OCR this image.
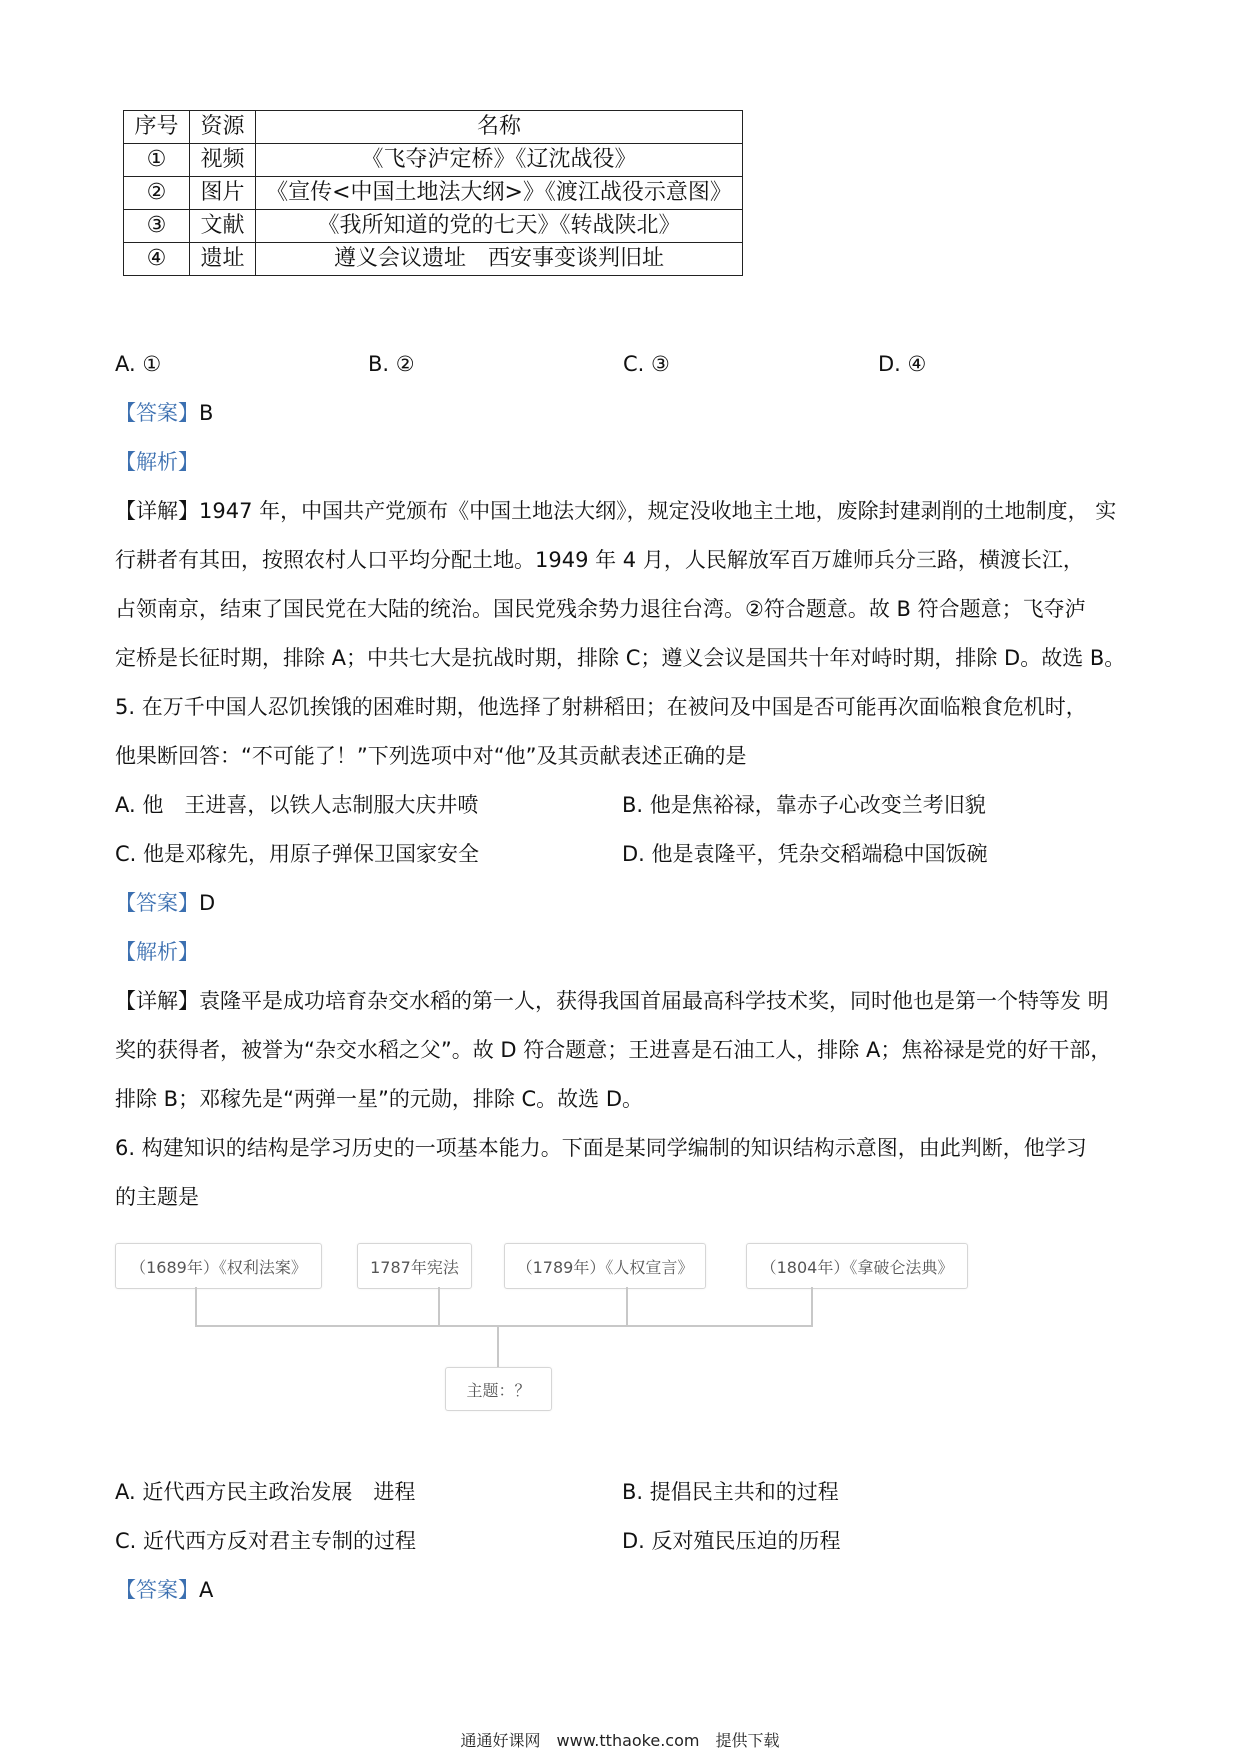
序号	资源	名称
①	视频	《飞夺泸定桥》《辽沈战役》
②	图片	《宣传<中国土地法大纲>》《渡江战役示意图》
③	文献	《我所知道的党的七天》《转战陕北》
④	遗址	遵义会议遗址　西安事变谈判旧址
A. ①	B. ②	C. ③	D. ④
【答案】B
【解析】
【详解】1947 年，中国共产党颁布《中国土地法大纲》，规定没收地主土地，废除封建剥削的土地制度， 实
行耕者有其田，按照农村人口平均分配土地。1949 年 4 月，人民解放军百万雄师兵分三路，横渡长江，
占领南京，结束了国民党在大陆的统治。国民党残余势力退往台湾。②符合题意。故 B 符合题意；飞夺泸
定桥是长征时期，排除 A；中共七大是抗战时期，排除 C；遵义会议是国共十年对峙时期，排除 D。故选 B。
5. 在万千中国人忍饥挨饿的困难时期，他选择了射耕稻田；在被问及中国是否可能再次面临粮食危机时，
他果断回答：“不可能了！”下列选项中对“他”及其贡献表述正确的是
A. 他　王进喜，以铁人志制服大庆井喷	B. 他是焦裕禄，靠赤子心改变兰考旧貌
C. 他是邓稼先，用原子弹保卫国家安全	D. 他是袁隆平，凭杂交稻端稳中国饭碗
【答案】D
【解析】
【详解】袁隆平是成功培育杂交水稻的第一人，获得我国首届最高科学技术奖，同时他也是第一个特等发 明
奖的获得者，被誉为“杂交水稻之父”。故 D 符合题意；王进喜是石油工人，排除 A；焦裕禄是党的好干部，
排除 B；邓稼先是“两弹一星”的元勋，排除 C。故选 D。
6. 构建知识的结构是学习历史的一项基本能力。下面是某同学编制的知识结构示意图，由此判断，他学习
的主题是
（1689年）《权利法案》	1787年宪法	（1789年）《人权宣言》	（1804年）《拿破仑法典》
主题：？
A. 近代西方民主政治发展　进程	B. 提倡民主共和的过程
C. 近代西方反对君主专制的过程	D. 反对殖民压迫的历程
【答案】A
通通好课网　www.tthaoke.com　提供下载
